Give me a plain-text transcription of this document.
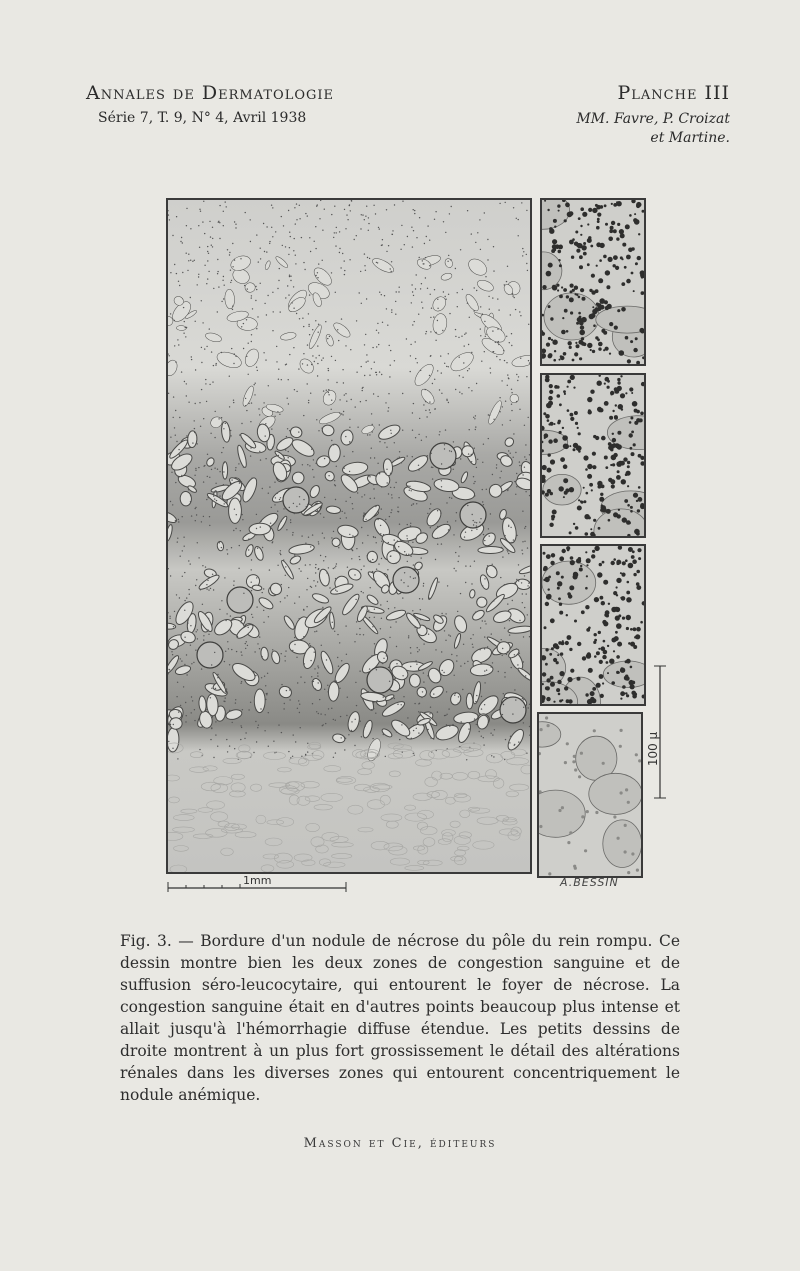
Annales de Dermatologie
Série 7, T. 9, N° 4, Avril 1938
Planche III
MM. Favre, P. Croizat
et Martine.
1mm
100 μ
A.BESSIN
Fig. 3. — Bordure d'un nodule de nécrose du pôle du rein rompu. Ce dessin montre bien les deux zones de congestion sanguine et de suffusion séro-leucocytaire, qui entourent le foyer de nécrose. La congestion sanguine était en d'autres points beaucoup plus intense et allait jusqu'à l'hémorrhagie diffuse étendue. Les petits dessins de droite montrent à un plus fort grossissement le détail des altérations rénales dans les diverses zones qui entourent concentriquement le nodule anémique.
Masson et Cie, éditeurs
